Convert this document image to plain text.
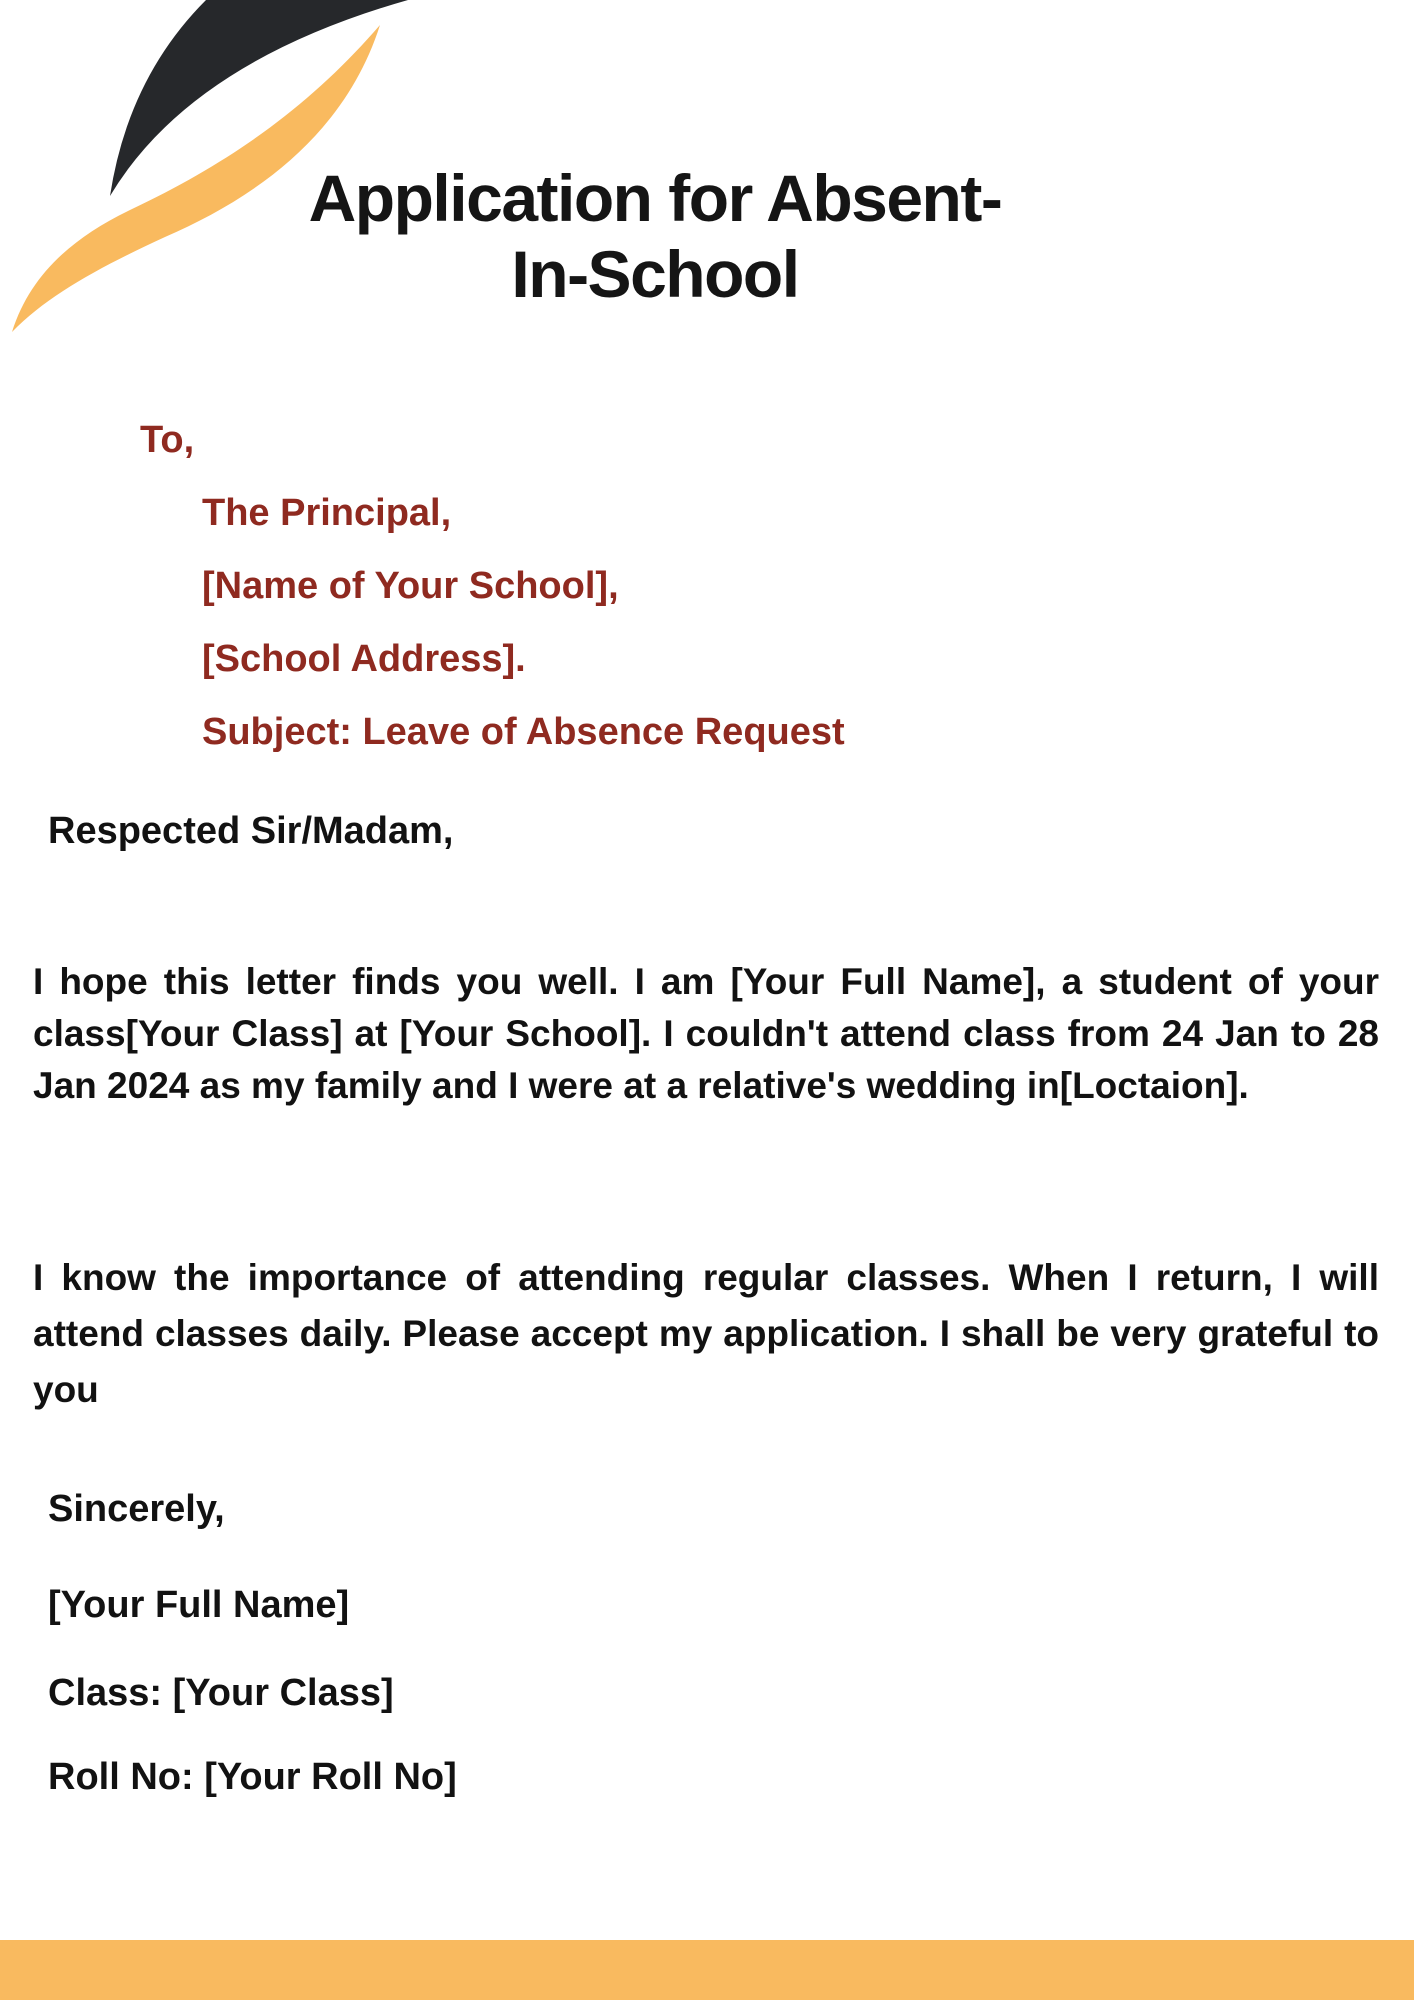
Application for Absent-
In-School
To,
The Principal,
[Name of Your School],
[School Address].
Subject: Leave of Absence Request
Respected Sir/Madam,
I hope this letter finds you well. I am [Your Full Name], a student of your class[Your Class] at [Your School]. I couldn't attend class from 24 Jan to 28 Jan 2024 as my family and I were at a relative's wedding in[Loctaion].
I know the importance of attending regular classes. When I return, I will attend classes daily. Please accept my application. I shall be very grateful to you
Sincerely,
[Your Full Name]
Class: [Your Class]
Roll No: [Your Roll No]
